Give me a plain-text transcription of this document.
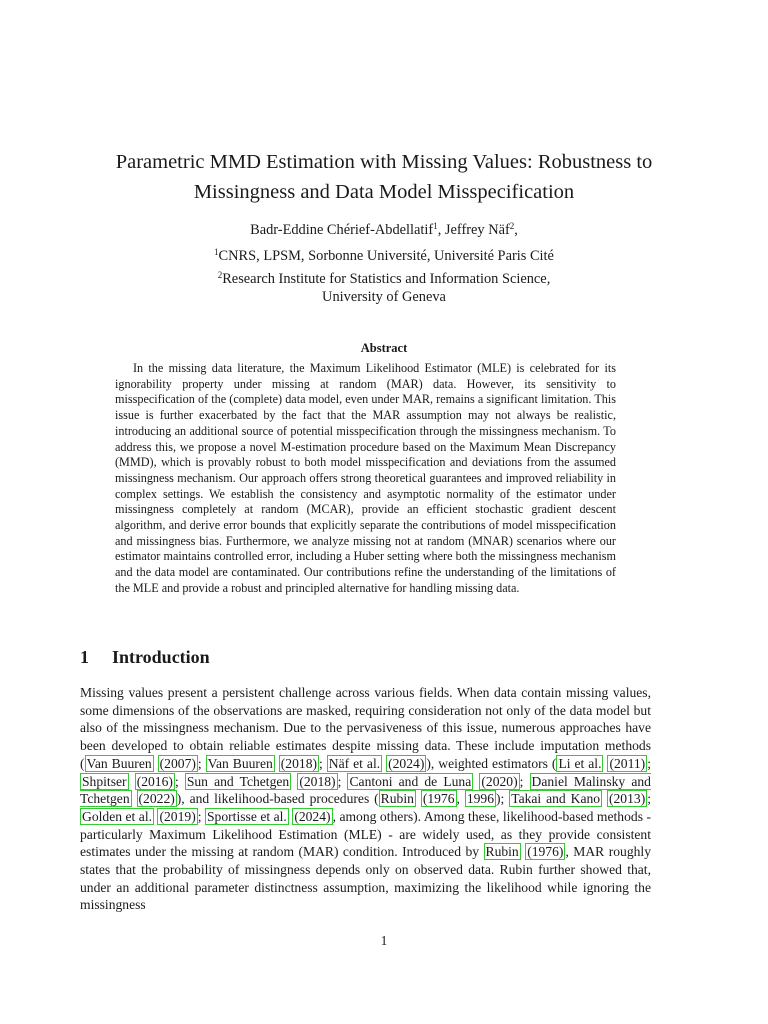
Parametric MMD Estimation with Missing Values: Robustness to
Missingness and Data Model Misspecification
Badr-Eddine Chérief-Abdellatif$^1$, Jeffrey Näf$^2$,
$^1$CNRS, LPSM, Sorbonne Université, Université Paris Cité
$^2$Research Institute for Statistics and Information Science,
University of Geneva
Abstract

In the missing data literature, the Maximum Likelihood Estimator (MLE) is celebrated for its ignorability property under missing at random (MAR) data. However, its sensitivity to misspecification of the (complete) data model, even under MAR, remains a significant limitation. This issue is further exacerbated by the fact that the MAR assumption may not always be realistic, introducing an additional source of potential misspecification through the missingness mechanism. To address this, we propose a novel M-estimation procedure based on the Maximum Mean Discrepancy (MMD), which is provably robust to both model misspecification and deviations from the assumed missingness mechanism. Our approach offers strong theoretical guarantees and improved reliability in complex settings. We establish the consistency and asymptotic normality of the estimator under missingness completely at random (MCAR), provide an efficient stochastic gradient descent algorithm, and derive error bounds that explicitly separate the contributions of model misspecification and missingness bias. Furthermore, we analyze missing not at random (MNAR) scenarios where our estimator maintains controlled error, including a Huber setting where both the missingness mechanism and the data model are contaminated. Our contributions refine the understanding of the limitations of the MLE and provide a robust and principled alternative for handling missing data.

1 Introduction

Missing values present a persistent challenge across various fields. When data contain missing values, some dimensions of the observations are masked, requiring consideration not only of the data model but also of the missingness mechanism. Due to the pervasiveness of this issue, numerous approaches have been developed to obtain reliable estimates despite missing data. These include imputation methods ( Van Buuren (2007) ; Van Buuren (2018) ; Näf et al. (2024) ), weighted estimators ( Li et al. (2011) ; Shpitser (2016) ; Sun and Tchetgen (2018) ; Cantoni and de Luna (2020) ; Daniel Malinsky and Tchetgen (2022) ), and likelihood-based procedures ( Rubin (1976 , 1996 ); Takai and Kano (2013) ; Golden et al. (2019) ; Sportisse et al. (2024) , among others). Among these, likelihood-based methods - particularly Maximum Likelihood Estimation (MLE) - are widely used, as they provide consistent estimates under the missing at random (MAR) condition. Introduced by Rubin (1976) , MAR roughly states that the probability of missingness depends only on observed data. Rubin further showed that, under an additional parameter distinctness assumption, maximizing the likelihood while ignoring the missingness

1
